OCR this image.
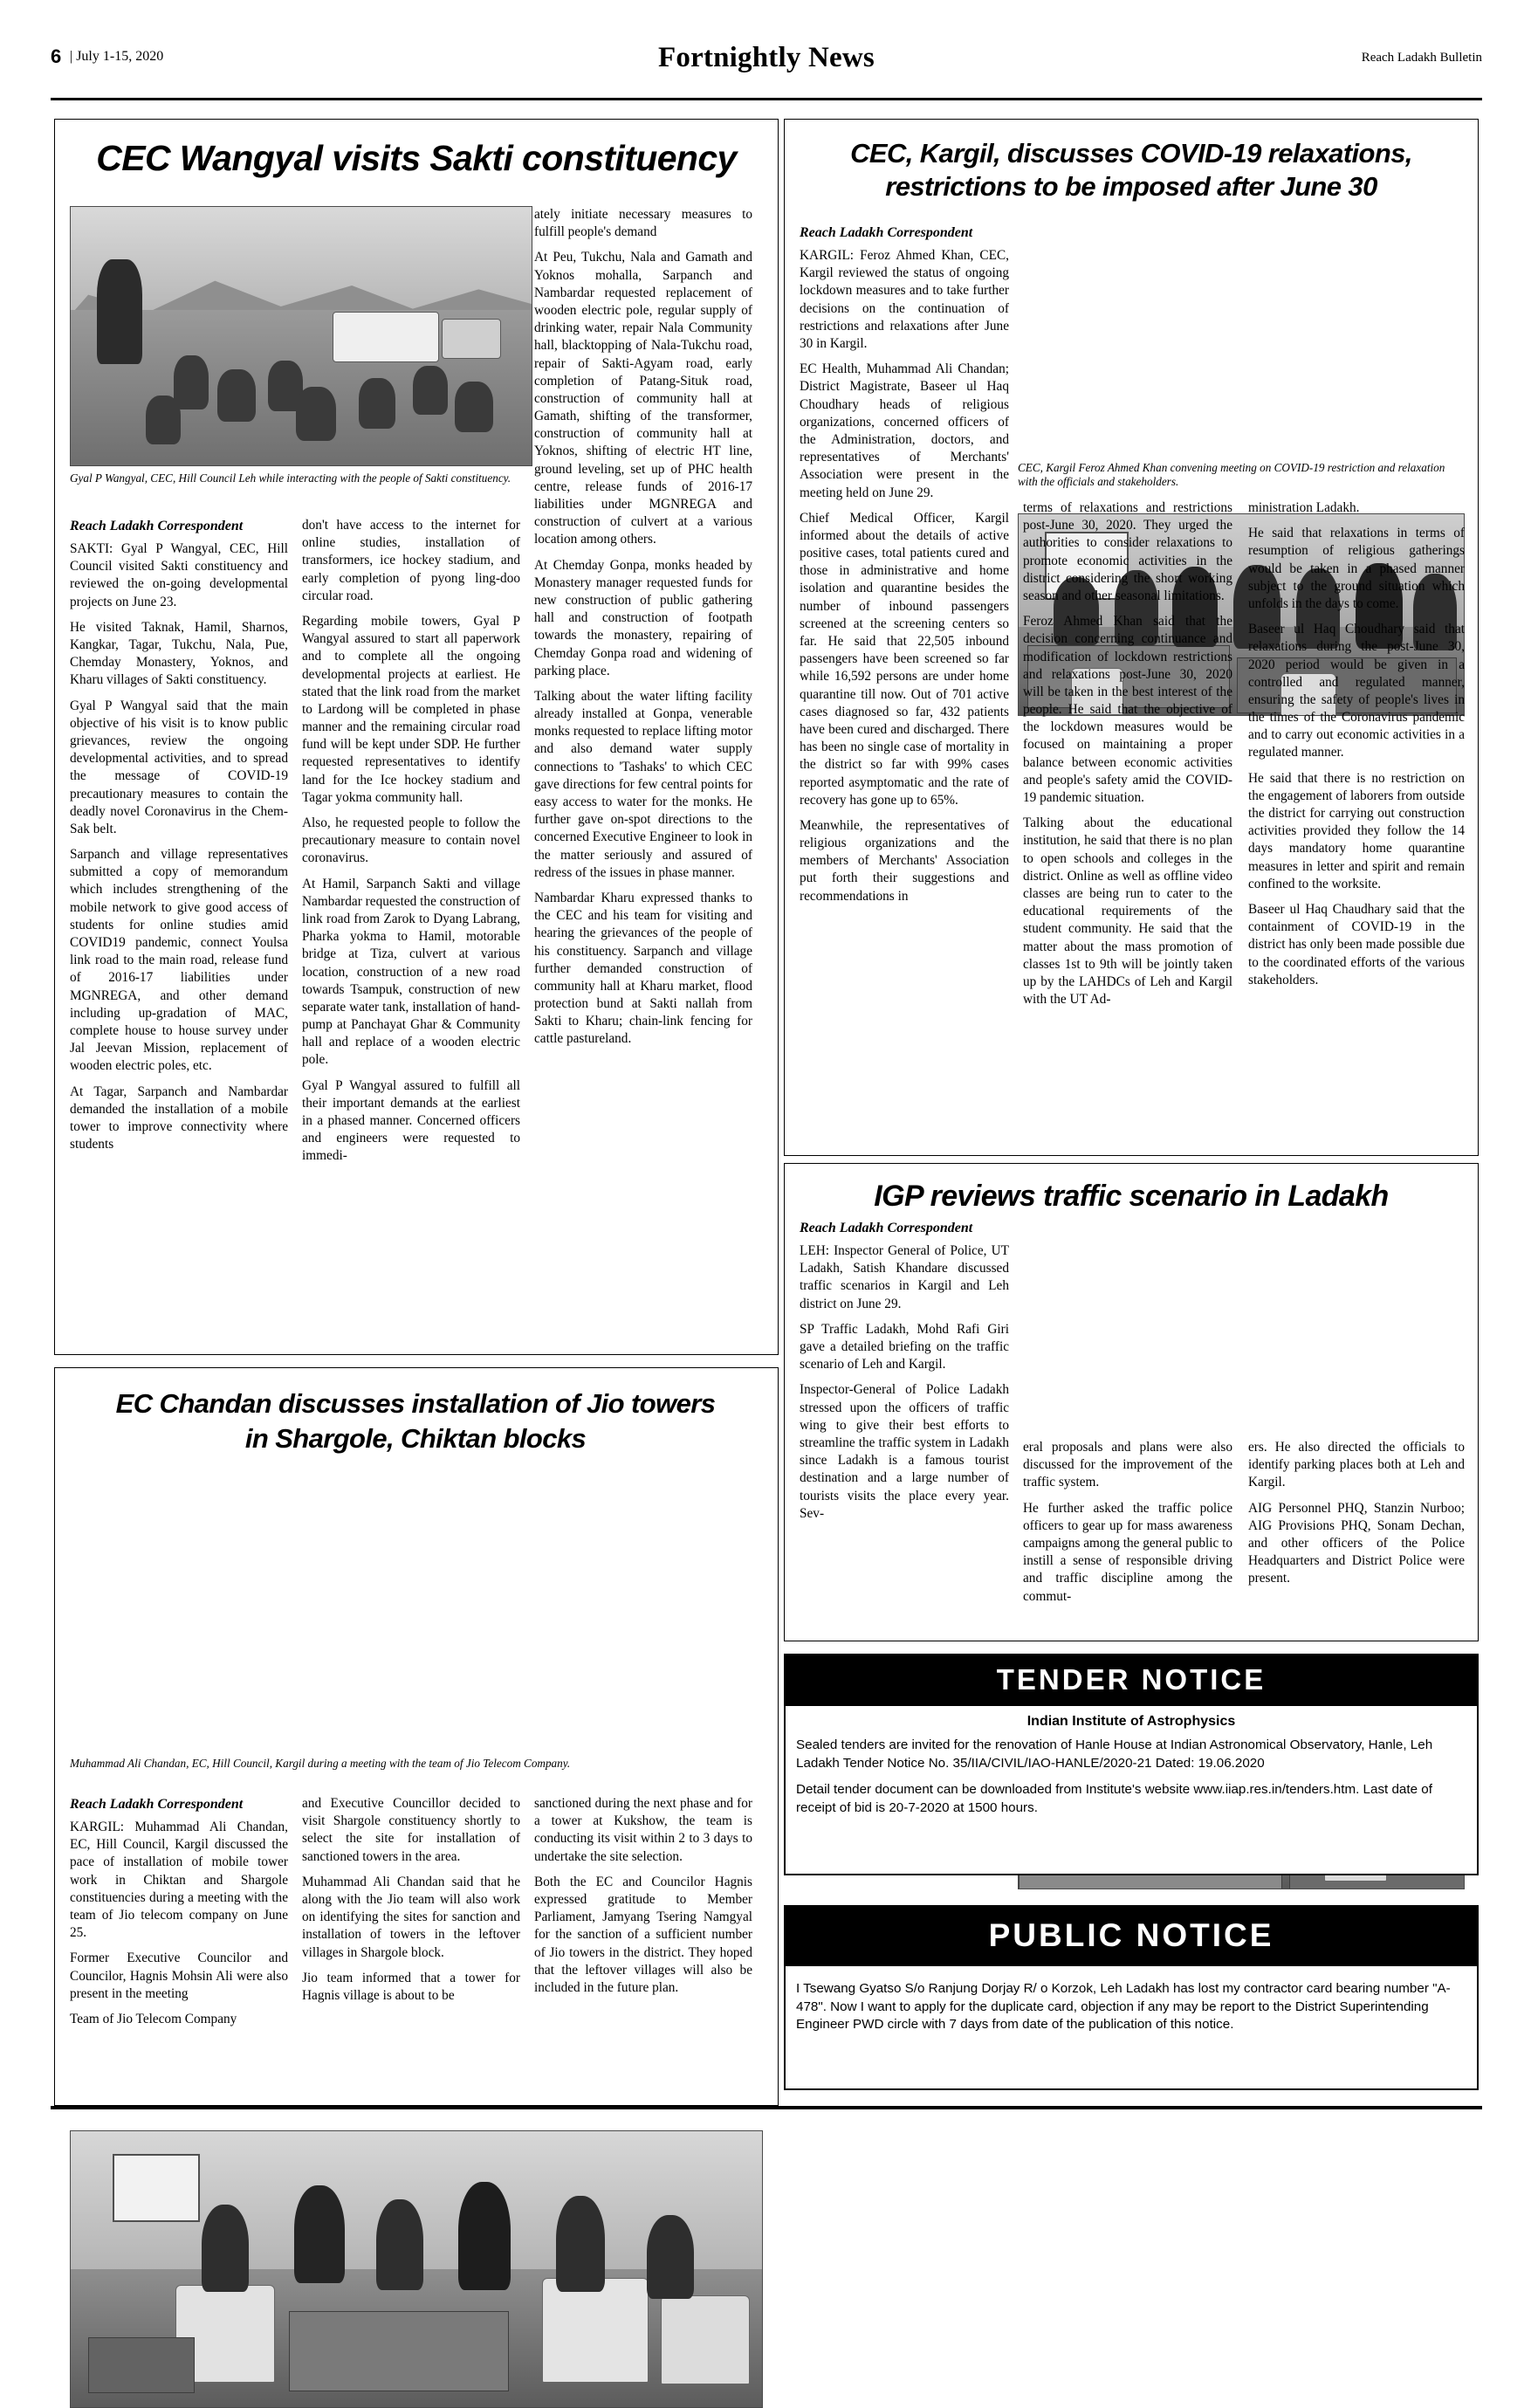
6 | July 1-15, 2020	Fortnightly News	Reach Ladakh Bulletin
CEC Wangyal visits Sakti constituency
Gyal P Wangyal, CEC, Hill Council Leh while interacting with the people of Sakti constituency.
Reach Ladakh Correspondent

SAKTI: Gyal P Wangyal, CEC, Hill Council visited Sakti constituency and reviewed the on-going developmental projects on June 23.

He visited Taknak, Hamil, Sharnos, Kangkar, Tagar, Tukchu, Nala, Pue, Chemday Monastery, Yoknos, and Kharu villages of Sakti constituency.

Gyal P Wangyal said that the main objective of his visit is to know public grievances, review the ongoing developmental activities, and to spread the message of COVID-19 precautionary measures to contain the deadly novel Coronavirus in the Chem-Sak belt.

Sarpanch and village representatives submitted a copy of memorandum which includes strengthening of the mobile network to give good access of students for online studies amid COVID19 pandemic, connect Youlsa link road to the main road, release fund of 2016-17 liabilities under MGNREGA, and other demand including up-gradation of MAC, complete house to house survey under Jal Jeevan Mission, replacement of wooden electric poles, etc.

At Tagar, Sarpanch and Nambardar demanded the installation of a mobile tower to improve connectivity where students

don't have access to the internet for online studies, installation of transformers, ice hockey stadium, and early completion of pyong ling-doo circular road.

Regarding mobile towers, Gyal P Wangyal assured to start all paperwork and to complete all the ongoing developmental projects at earliest. He stated that the link road from the market to Lardong will be completed in phase manner and the remaining circular road fund will be kept under SDP. He further requested representatives to identify land for the Ice hockey stadium and Tagar yokma community hall.

Also, he requested people to follow the precautionary measure to contain novel coronavirus.

At Hamil, Sarpanch Sakti and village Nambardar requested the construction of link road from Zarok to Dyang Labrang, Pharka yokma to Hamil, motorable bridge at Tiza, culvert at various location, construction of a new road towards Tsampuk, construction of new separate water tank, installation of hand-pump at Panchayat Ghar & Community hall and replace of a wooden electric pole.

Gyal P Wangyal assured to fulfill all their important demands at the earliest in a phased manner. Concerned officers and engineers were requested to immedi-

ately initiate necessary measures to fulfill people's demand

At Peu, Tukchu, Nala and Gamath and Yoknos mohalla, Sarpanch and Nambardar requested replacement of wooden electric pole, regular supply of drinking water, repair Nala Community hall, blacktopping of Nala-Tukchu road, repair of Sakti-Agyam road, early completion of Patang-Situk road, construction of community hall at Gamath, shifting of the transformer, construction of community hall at Yoknos, shifting of electric HT line, ground leveling, set up of PHC health centre, release funds of 2016-17 liabilities under MGNREGA and construction of culvert at a various location among others.

At Chemday Gonpa, monks headed by Monastery manager requested funds for new construction of public gathering hall and construction of footpath towards the monastery, repairing of Chemday Gonpa road and widening of parking place.

Talking about the water lifting facility already installed at Gonpa, venerable monks requested to replace lifting motor and also demand water supply connections to 'Tashaks' to which CEC gave directions for few central points for easy access to water for the monks. He further gave on-spot directions to the concerned Executive Engineer to look in the matter seriously and assured of redress of the issues in phase manner.

Nambardar Kharu expressed thanks to the CEC and his team for visiting and hearing the grievances of the people of his constituency. Sarpanch and village further demanded construction of community hall at Kharu market, flood protection bund at Sakti nallah from Sakti to Kharu; chain-link fencing for cattle pastureland.

CEC, Kargil, discusses COVID-19 relaxations,
restrictions to be imposed after June 30
CEC, Kargil Feroz Ahmed Khan convening meeting on COVID-19 restriction and relaxation with the officials and stakeholders.
Reach Ladakh Correspondent

KARGIL: Feroz Ahmed Khan, CEC, Kargil reviewed the status of ongoing lockdown measures and to take further decisions on the continuation of restrictions and relaxations after June 30 in Kargil.

EC Health, Muhammad Ali Chandan; District Magistrate, Baseer ul Haq Choudhary heads of religious organizations, concerned officers of the Administration, doctors, and representatives of Merchants' Association were present in the meeting held on June 29.

Chief Medical Officer, Kargil informed about the details of active positive cases, total patients cured and those in administrative and home isolation and quarantine besides the number of inbound passengers screened at the screening centers so far. He said that 22,505 inbound passengers have been screened so far while 16,592 persons are under home quarantine till now. Out of 701 active cases diagnosed so far, 432 patients have been cured and discharged. There has been no single case of mortality in the district so far with 99% cases reported asymptomatic and the rate of recovery has gone up to 65%.

Meanwhile, the representatives of religious organizations and the members of Merchants' Association put forth their suggestions and recommendations in

terms of relaxations and restrictions post-June 30, 2020. They urged the authorities to consider relaxations to promote economic activities in the district considering the short working season and other seasonal limitations.

Feroz Ahmed Khan said that the decision concerning continuance and modification of lockdown restrictions and relaxations post-June 30, 2020 will be taken in the best interest of the people. He said that the objective of the lockdown measures would be focused on maintaining a proper balance between economic activities and people's safety amid the COVID-19 pandemic situation.

Talking about the educational institution, he said that there is no plan to open schools and colleges in the district. Online as well as offline video classes are being run to cater to the educational requirements of the student community. He said that the matter about the mass promotion of classes 1st to 9th will be jointly taken up by the LAHDCs of Leh and Kargil with the UT Ad-

ministration Ladakh.

He said that relaxations in terms of resumption of religious gatherings would be taken in a phased manner subject to the ground situation which unfolds in the days to come.

Baseer ul Haq Choudhary said that relaxations during the post-June 30, 2020 period would be given in a controlled and regulated manner, ensuring the safety of people's lives in the times of the Coronavirus pandemic and to carry out economic activities in a regulated manner.

He said that there is no restriction on the engagement of laborers from outside the district for carrying out construction activities provided they follow the 14 days mandatory home quarantine measures in letter and spirit and remain confined to the worksite.

Baseer ul Haq Chaudhary said that the containment of COVID-19 in the district has only been made possible due to the coordinated efforts of the various stakeholders.

IGP reviews traffic scenario in Ladakh
Reach Ladakh Correspondent

LEH: Inspector General of Police, UT Ladakh, Satish Khandare discussed traffic scenarios in Kargil and Leh district on June 29.

SP Traffic Ladakh, Mohd Rafi Giri gave a detailed briefing on the traffic scenario of Leh and Kargil.

Inspector-General of Police Ladakh stressed upon the officers of traffic wing to give their best efforts to streamline the traffic system in Ladakh since Ladakh is a famous tourist destination and a large number of tourists visits the place every year. Sev-

eral proposals and plans were also discussed for the improvement of the traffic system.

He further asked the traffic police officers to gear up for mass awareness campaigns among the general public to instill a sense of responsible driving and traffic discipline among the commut-

ers. He also directed the officials to identify parking places both at Leh and Kargil.

AIG Personnel PHQ, Stanzin Nurboo; AIG Provisions PHQ, Sonam Dechan, and other officers of the Police Headquarters and District Police were present.

EC Chandan discusses installation of Jio towers
in Shargole, Chiktan blocks
Muhammad Ali Chandan, EC, Hill Council, Kargil during a meeting with the team of Jio Telecom Company.
Reach Ladakh Correspondent

KARGIL: Muhammad Ali Chandan, EC, Hill Council, Kargil discussed the pace of installation of mobile tower work in Chiktan and Shargole constituencies during a meeting with the team of Jio telecom company on June 25.

Former Executive Councilor and Councilor, Hagnis Mohsin Ali were also present in the meeting

Team of Jio Telecom Company

and Executive Councillor decided to visit Shargole constituency shortly to select the site for installation of sanctioned towers in the area.

Muhammad Ali Chandan said that he along with the Jio team will also work on identifying the sites for sanction and installation of towers in the leftover villages in Shargole block.

Jio team informed that a tower for Hagnis village is about to be

sanctioned during the next phase and for a tower at Kukshow, the team is conducting its visit within 2 to 3 days to undertake the site selection.

Both the EC and Councilor Hagnis expressed gratitude to Member Parliament, Jamyang Tsering Namgyal for the sanction of a sufficient number of Jio towers in the district. They hoped that the leftover villages will also be included in the future plan.

TENDER NOTICE
Indian Institute of Astrophysics

Sealed tenders are invited for the renovation of Hanle House at Indian Astronomical Observatory, Hanle, Leh Ladakh Tender Notice No. 35/IIA/CIVIL/IAO-HANLE/2020-21 Dated: 19.06.2020

Detail tender document can be downloaded from Institute's website www.iiap.res.in/tenders.htm. Last date of receipt of bid is 20-7-2020 at 1500 hours.

PUBLIC NOTICE

I Tsewang Gyatso S/o Ranjung Dorjay R/ o Korzok, Leh Ladakh has lost my contractor card bearing number "A-478". Now I want to apply for the duplicate card, objection if any may be report to the District Superintending Engineer PWD circle with 7 days from date of the publication of this notice.
